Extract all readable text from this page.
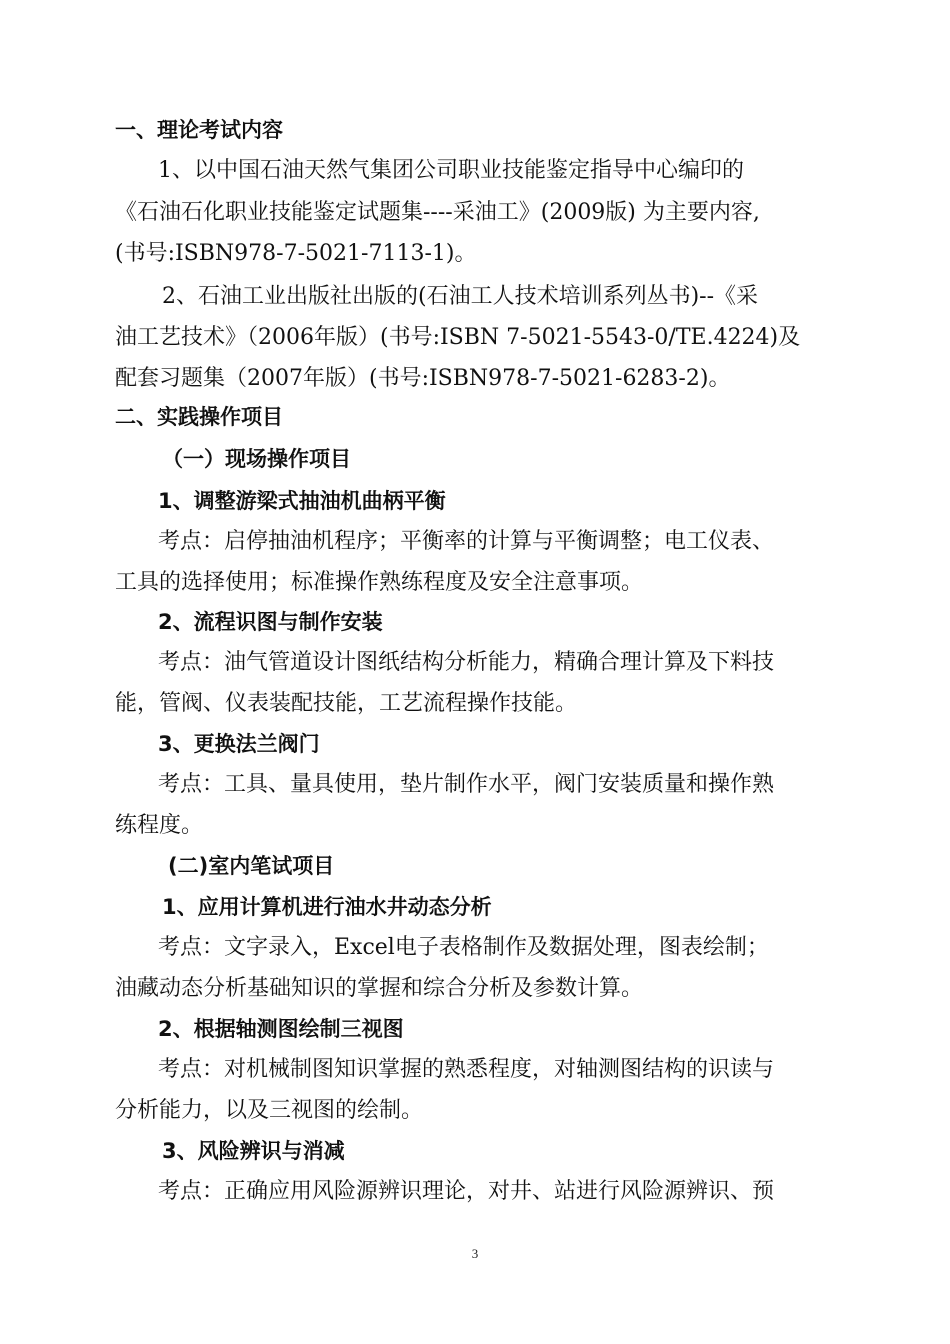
一、理论考试内容
1、以中国石油天然气集团公司职业技能鉴定指导中心编印的
《石油石化职业技能鉴定试题集----采油工》(2009版) 为主要内容,
(书号:ISBN978-7-5021-7113-1)。
2、石油工业出版社出版的(石油工人技术培训系列丛书)--《采
油工艺技术》（2006年版）(书号:ISBN 7-5021-5543-0/TE.4224)及
配套习题集（2007年版）(书号:ISBN978-7-5021-6283-2)。
二、实践操作项目
（一）现场操作项目
1、调整游梁式抽油机曲柄平衡
考点：启停抽油机程序；平衡率的计算与平衡调整；电工仪表、
工具的选择使用；标准操作熟练程度及安全注意事项。
2、流程识图与制作安装
考点：油气管道设计图纸结构分析能力，精确合理计算及下料技
能，管阀、仪表装配技能，工艺流程操作技能。
3、更换法兰阀门
考点：工具、量具使用，垫片制作水平，阀门安装质量和操作熟
练程度。
(二)室内笔试项目
1、应用计算机进行油水井动态分析
考点：文字录入，Excel电子表格制作及数据处理，图表绘制；
油藏动态分析基础知识的掌握和综合分析及参数计算。
2、根据轴测图绘制三视图
考点：对机械制图知识掌握的熟悉程度，对轴测图结构的识读与
分析能力，以及三视图的绘制。
3、风险辨识与消减
考点：正确应用风险源辨识理论，对井、站进行风险源辨识、预
3
